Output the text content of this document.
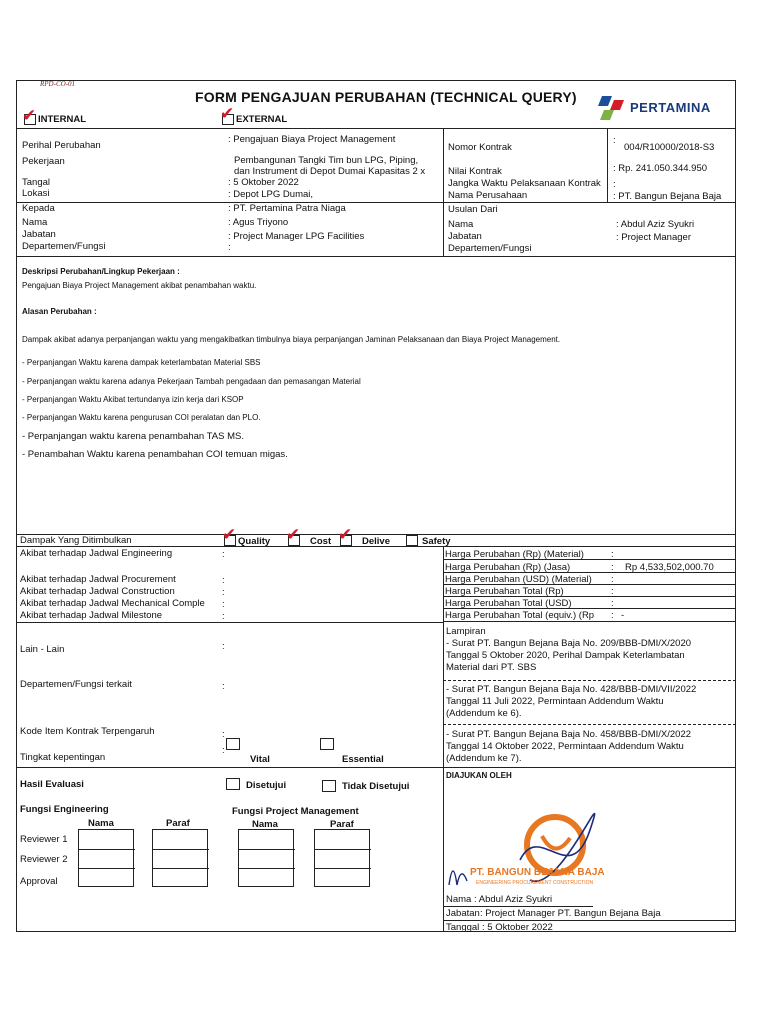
RPD-CO-01
FORM PENGAJUAN PERUBAHAN (TECHNICAL QUERY)
PERTAMINA
✔ INTERNAL	✔ EXTERNAL
Perihal Perubahan
: Pengajuan Biaya Project Management
Pekerjaan	Pembangunan Tangki Tim bun LPG, Piping,
dan Instrument di Depot Dumai Kapasitas 2 x
Tangal	: 5 Oktober 2022
Lokasi	: Depot LPG Dumai,
Kepada	: PT. Pertamina Patra Niaga
Nama	: Agus Triyono
Jabatan	: Project Manager LPG Facilities
Departemen/Fungsi	:
Nomor Kontrak
:
004/R10000/2018-S3
Nilai Kontrak	: Rp. 241.050.344.950
Jangka Waktu Pelaksanaan Kontrak :
Nama Perusahaan	: PT. Bangun Bejana Baja
Usulan Dari
Nama	: Abdul Aziz Syukri
Jabatan	: Project Manager
Departemen/Fungsi
Deskripsi Perubahan/Lingkup Pekerjaan :
Pengajuan Biaya Project Management akibat penambahan waktu.
Alasan Perubahan :
Dampak akibat adanya perpanjangan waktu yang mengakibatkan timbulnya biaya perpanjangan Jaminan Pelaksanaan dan Biaya Project Management.
- Perpanjangan Waktu karena dampak keterlambatan Material SBS
- Perpanjangan waktu karena adanya Pekerjaan Tambah pengadaan dan pemasangan Material
- Perpanjangan Waktu Akibat tertundanya izin kerja dari KSOP
- Perpanjangan Waktu karena pengurusan COI peralatan dan PLO.
- Perpanjangan waktu karena penambahan TAS MS.
- Penambahan Waktu karena penambahan COI temuan migas.
Dampak Yang Ditimbulkan	✔ Quality ✔ Cost ✔ Delive	Safety
Akibat terhadap Jadwal Engineering	:
Akibat terhadap Jadwal Procurement	:
Akibat terhadap Jadwal Construction	:
Akibat terhadap Jadwal Mechanical Comple :
Akibat terhadap Jadwal Milestone	:
Lain - Lain	:
Departemen/Fungsi terkait	:
Kode Item Kontrak Terpengaruh	:
Tingkat kepentingan
:
Vital	Essential
Harga Perubahan (Rp) (Material)	:
Harga Perubahan (Rp) (Jasa)	: Rp 4,533,502,000.70
Harga Perubahan (USD) (Material) :
Harga Perubahan Total (Rp)	:
Harga Perubahan Total (USD)	:
Harga Perubahan Total (equiv.) (Rp : -
Lampiran
- Surat PT. Bangun Bejana Baja No. 209/BBB-DMI/X/2020
Tanggal 5 Oktober 2020, Perihal Dampak Keterlambatan
Material dari PT. SBS
- Surat PT. Bangun Bejana Baja No. 428/BBB-DMI/VII/2022
Tanggal 11 Juli 2022, Permintaan Addendum Waktu
(Addendum ke 6).
- Surat PT. Bangun Bejana Baja No. 458/BBB-DMI/X/2022
Tanggal 14 Oktober 2022, Permintaan Addendum Waktu
(Addendum ke 7).
Hasil Evaluasi	Disetujui	Tidak Disetujui
Fungsi Engineering	Fungsi Project Management
Nama	Paraf	Nama	Paraf
Reviewer 1
Reviewer 2
Approval
DIAJUKAN OLEH
PT. BANGUN BEJANA BAJA
ENGINEERING PROCUREMENT CONSTRUCTION
Nama : Abdul Aziz Syukri
Jabatan : Project Manager PT. Bangun Bejana Baja
Tanggal : 5 Oktober 2022
